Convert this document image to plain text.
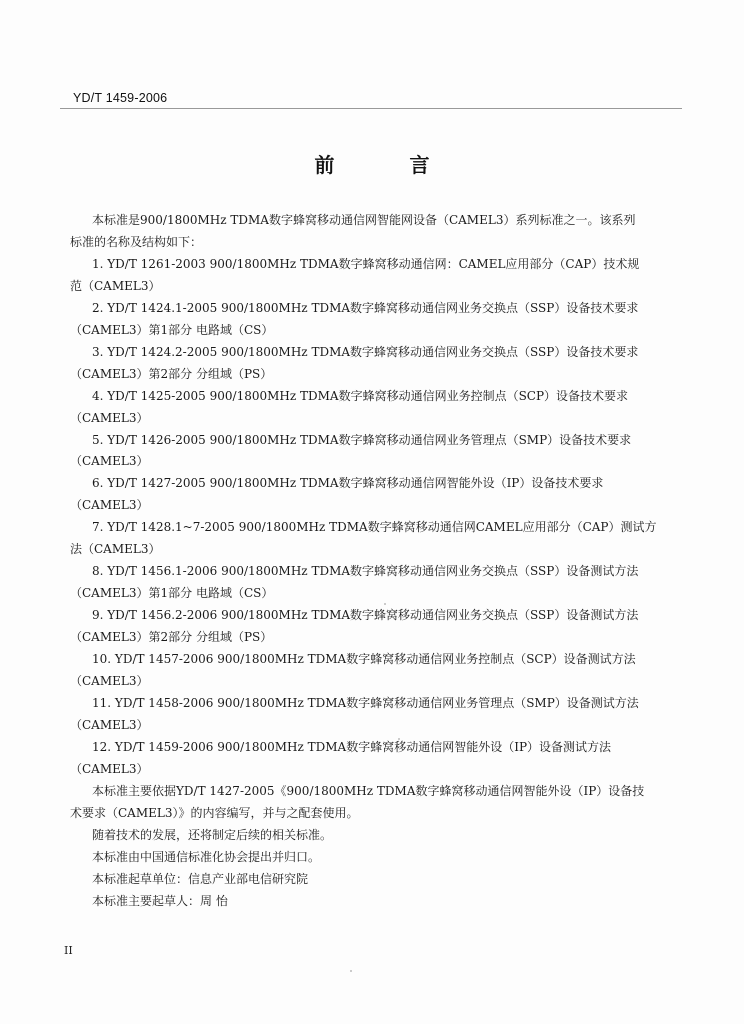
YD/T 1459-2006
前 言

本标准是900/1800MHz TDMA数字蜂窝移动通信网智能网设备（CAMEL3）系列标准之一。该系列

标准的名称及结构如下：

1. YD/T 1261-2003 900/1800MHz TDMA数字蜂窝移动通信网：CAMEL应用部分（CAP）技术规

范（CAMEL3）

2. YD/T 1424.1-2005 900/1800MHz TDMA数字蜂窝移动通信网业务交换点（SSP）设备技术要求

（CAMEL3）第1部分 电路域（CS）

3. YD/T 1424.2-2005 900/1800MHz TDMA数字蜂窝移动通信网业务交换点（SSP）设备技术要求

（CAMEL3）第2部分 分组域（PS）

4. YD/T 1425-2005 900/1800MHz TDMA数字蜂窝移动通信网业务控制点（SCP）设备技术要求

（CAMEL3）

5. YD/T 1426-2005 900/1800MHz TDMA数字蜂窝移动通信网业务管理点（SMP）设备技术要求

（CAMEL3）

6. YD/T 1427-2005 900/1800MHz TDMA数字蜂窝移动通信网智能外设（IP）设备技术要求

（CAMEL3）

7. YD/T 1428.1~7-2005 900/1800MHz TDMA数字蜂窝移动通信网CAMEL应用部分（CAP）测试方

法（CAMEL3）

8. YD/T 1456.1-2006 900/1800MHz TDMA数字蜂窝移动通信网业务交换点（SSP）设备测试方法

（CAMEL3）第1部分 电路域（CS）

9. YD/T 1456.2-2006 900/1800MHz TDMA数字蜂窝移动通信网业务交换点（SSP）设备测试方法

（CAMEL3）第2部分 分组域（PS）

10. YD/T 1457-2006 900/1800MHz TDMA数字蜂窝移动通信网业务控制点（SCP）设备测试方法

（CAMEL3）

11. YD/T 1458-2006 900/1800MHz TDMA数字蜂窝移动通信网业务管理点（SMP）设备测试方法

（CAMEL3）

12. YD/T 1459-2006 900/1800MHz TDMA数字蜂窝移动通信网智能外设（IP）设备测试方法

（CAMEL3）

本标准主要依据YD/T 1427-2005《900/1800MHz TDMA数字蜂窝移动通信网智能外设（IP）设备技

术要求（CAMEL3）》的内容编写，并与之配套使用。

随着技术的发展，还将制定后续的相关标准。

本标准由中国通信标准化协会提出并归口。

本标准起草单位：信息产业部电信研究院

本标准主要起草人：周 怡

II
